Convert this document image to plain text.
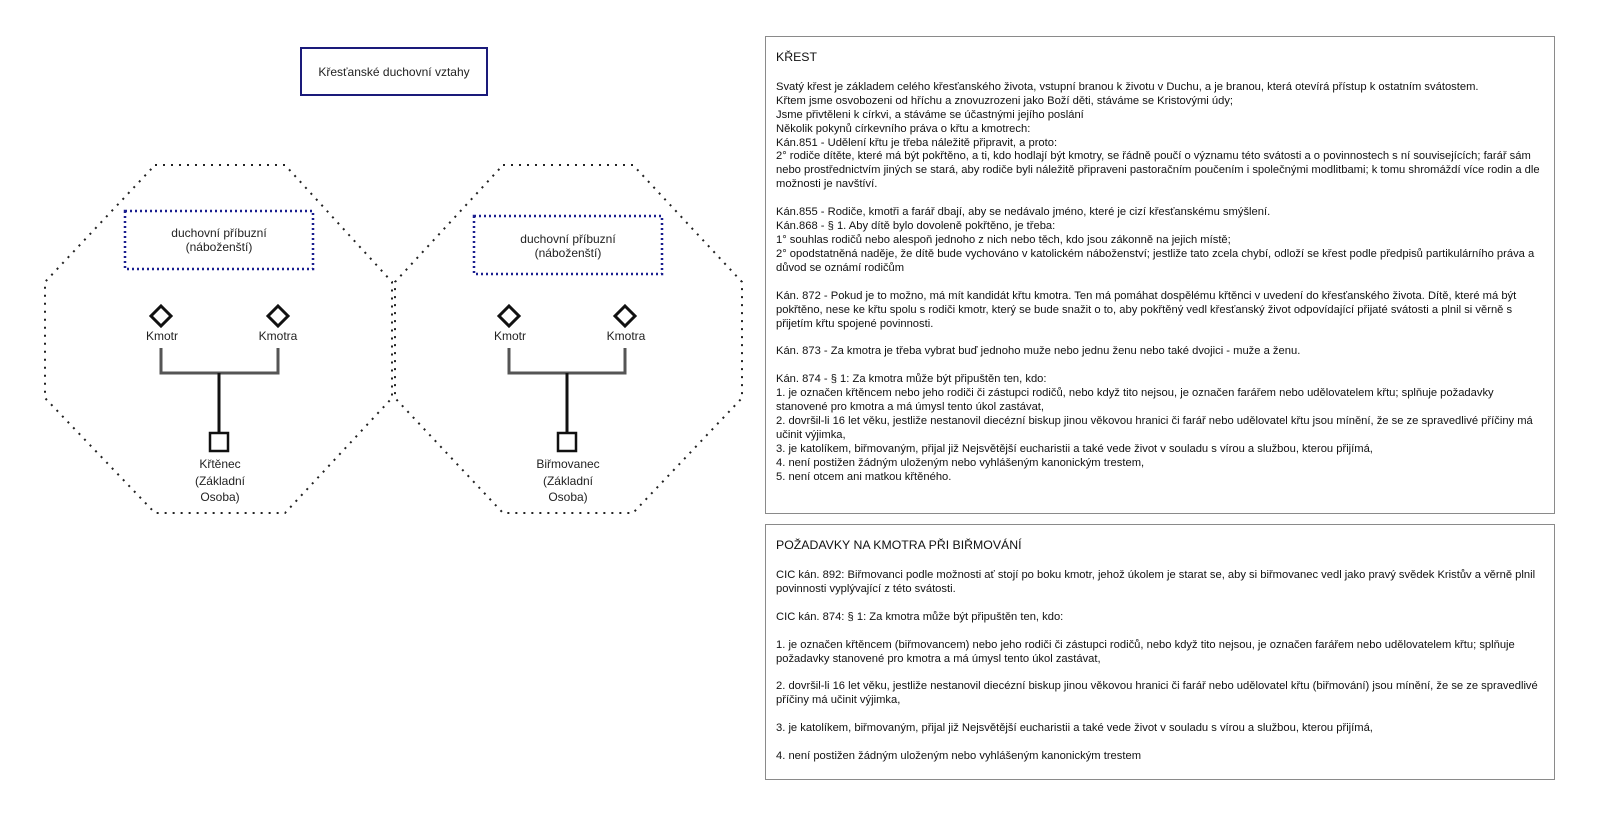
Křesťanské duchovní vztahy
duchovní příbuzní
(náboženští)
Kmotr	Kmotra
Křtěnec
(Základní
Osoba)
duchovní příbuzní
(náboženští)
Kmotr	Kmotra
Biřmovanec
(Základní
Osoba)
KŘEST

Svatý křest je základem celého křesťanského života, vstupní branou k životu v Duchu, a je branou, která otevírá přístup k ostatním svátostem.
Křtem jsme osvobozeni od hříchu a znovuzrozeni jako Boží děti, stáváme se Kristovými údy;
Jsme přivtěleni k církvi, a stáváme se účastnými jejího poslání
Několik pokynů církevního práva o křtu a kmotrech:
Kán.851 - Udělení křtu je třeba náležitě připravit, a proto:
2° rodiče dítěte, které má být pokřtěno, a ti, kdo hodlají být kmotry, se řádně poučí o významu této svátosti a o povinnostech s ní souvisejících; farář sám nebo prostřednictvím jiných se stará, aby rodiče byli náležitě připraveni pastoračním poučením i společnými modlitbami; k tomu shromáždí více rodin a dle možnosti je navštíví.

Kán.855 - Rodiče, kmotři a farář dbají, aby se nedávalo jméno, které je cizí křesťanskému smýšlení.
Kán.868 - § 1. Aby dítě bylo dovoleně pokřtěno, je třeba:
1° souhlas rodičů nebo alespoň jednoho z nich nebo těch, kdo jsou zákonně na jejich místě;
2° opodstatněná naděje, že dítě bude vychováno v katolickém náboženství; jestliže tato zcela chybí, odloží se křest podle předpisů partikulárního práva a důvod se oznámí rodičům

Kán. 872 - Pokud je to možno, má mít kandidát křtu kmotra. Ten má pomáhat dospělému křtěnci v uvedení do křesťanského života. Dítě, které má být pokřtěno, nese ke křtu spolu s rodiči kmotr, který se bude snažit o to, aby pokřtěný vedl křesťanský život odpovídající přijaté svátosti a plnil si věrně s přijetím křtu spojené povinnosti.

Kán. 873 - Za kmotra je třeba vybrat buď jednoho muže nebo jednu ženu nebo také dvojici - muže a ženu.

Kán. 874 - § 1: Za kmotra může být připuštěn ten, kdo:
1. je označen křtěncem nebo jeho rodiči či zástupci rodičů, nebo když tito nejsou, je označen farářem nebo udělovatelem křtu; splňuje požadavky stanovené pro kmotra a má úmysl tento úkol zastávat,
2. dovršil-li 16 let věku, jestliže nestanovil diecézní biskup jinou věkovou hranici či farář nebo udělovatel křtu jsou mínění, že se ze spravedlivé příčiny má učinit výjimka,
3. je katolíkem, biřmovaným, přijal již Nejsvětější eucharistii a také vede život v souladu s vírou a službou, kterou přijímá,
4. není postižen žádným uloženým nebo vyhlášeným kanonickým trestem,
5. není otcem ani matkou křtěného.

POŽADAVKY NA KMOTRA PŘI BIŘMOVÁNÍ

CIC kán. 892: Biřmovanci podle možnosti ať stojí po boku kmotr, jehož úkolem je starat se, aby si biřmovanec vedl jako pravý svědek Kristův a věrně plnil povinnosti vyplývající z této svátosti.

CIC kán. 874: § 1: Za kmotra může být připuštěn ten, kdo:

1. je označen křtěncem (biřmovancem) nebo jeho rodiči či zástupci rodičů, nebo když tito nejsou, je označen farářem nebo udělovatelem křtu; splňuje požadavky stanovené pro kmotra a má úmysl tento úkol zastávat,

2. dovršil-li 16 let věku, jestliže nestanovil diecézní biskup jinou věkovou hranici či farář nebo udělovatel křtu (biřmování) jsou mínění, že se ze spravedlivé příčiny má učinit výjimka,

3. je katolíkem, biřmovaným, přijal již Nejsvětější eucharistii a také vede život v souladu s vírou a službou, kterou přijímá,

4. není postižen žádným uloženým nebo vyhlášeným kanonickým trestem
